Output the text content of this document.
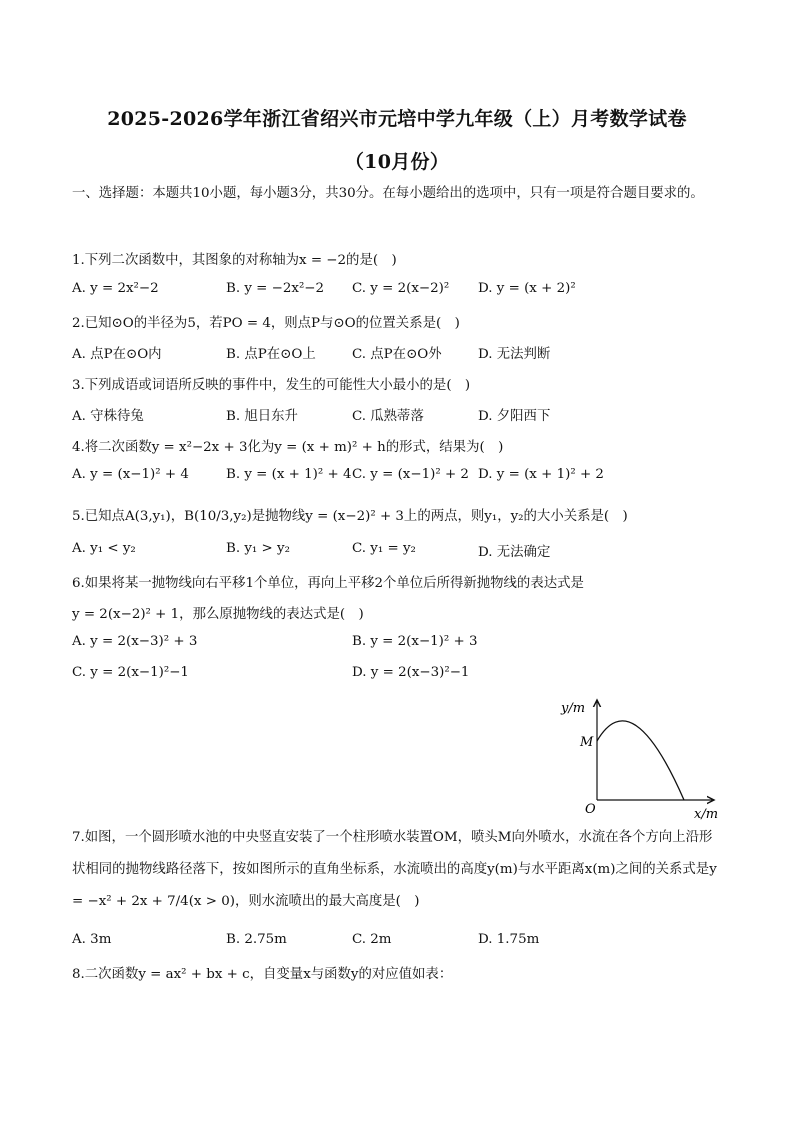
2025-2026学年浙江省绍兴市元培中学九年级（上）月考数学试卷
（10月份）
一、选择题：本题共10小题，每小题3分，共30分。在每小题给出的选项中，只有一项是符合题目要求的。
1.下列二次函数中，其图象的对称轴为x = −2的是(　)
A. y = 2x²−2	B. y = −2x²−2 C. y = 2(x−2)² D. y = (x + 2)²
2.已知⊙O的半径为5，若PO = 4，则点P与⊙O的位置关系是(　)
A. 点P在⊙O内	B. 点P在⊙O上	C. 点P在⊙O外	D. 无法判断
3.下列成语或词语所反映的事件中，发生的可能性大小最小的是(　)
A. 守株待兔	B. 旭日东升	C. 瓜熟蒂落	D. 夕阳西下
4.将二次函数y = x²−2x + 3化为y = (x + m)² + h的形式，结果为(　)
A. y = (x−1)² + 4	B. y = (x + 1)² + 4 C. y = (x−1)² + 2 D. y = (x + 1)² + 2
5.已知点A(3,y₁)，B(10/3,y₂)是抛物线y = (x−2)² + 3上的两点，则y₁，y₂的大小关系是(　)
A. y₁ < y₂	B. y₁ > y₂	C. y₁ = y₂	D. 无法确定
6.如果将某一抛物线向右平移1个单位，再向上平移2个单位后所得新抛物线的表达式是
y = 2(x−2)² + 1，那么原抛物线的表达式是(　)
A. y = 2(x−3)² + 3	B. y = 2(x−1)² + 3
C. y = 2(x−1)²−1	D. y = 2(x−3)²−1
y/m
x/m
O
M
7.如图，一个圆形喷水池的中央竖直安装了一个柱形喷水装置OM，喷头M向外喷水，水流在各个方向上沿形状相同的抛物线路径落下，按如图所示的直角坐标系，水流喷出的高度y(m)与水平距离x(m)之间的关系式是y = −x² + 2x + 7/4(x > 0)，则水流喷出的最大高度是(　)
A. 3m	B. 2.75m	C. 2m	D. 1.75m
8.二次函数y = ax² + bx + c，自变量x与函数y的对应值如表：
